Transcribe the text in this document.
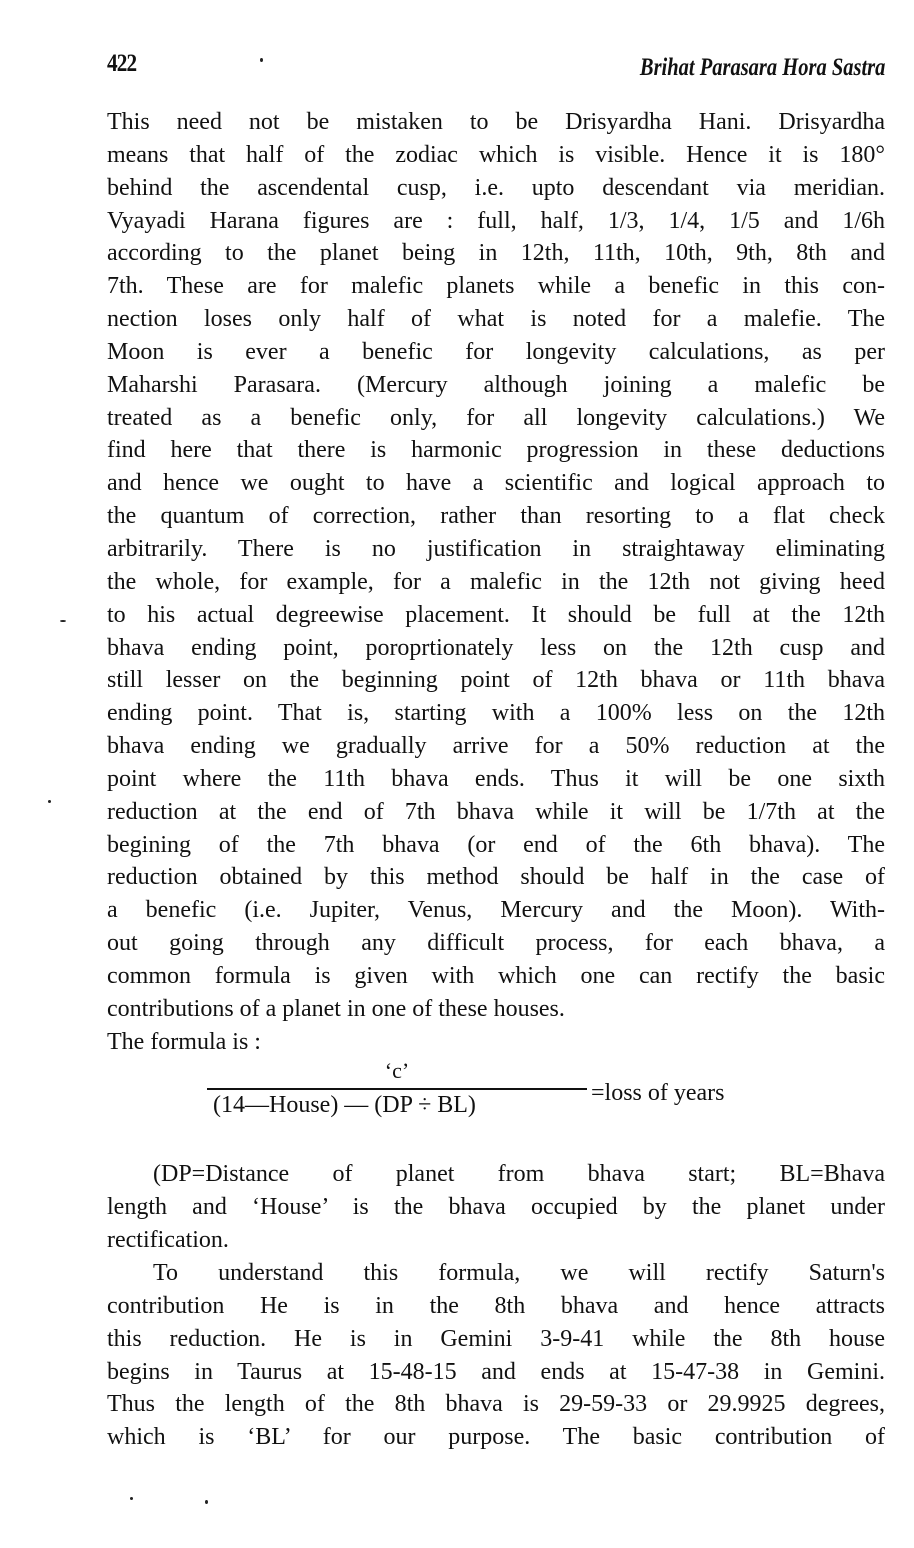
422	Brihat Parasara Hora Sastra
This need not be mistaken to be Drisyardha Hani. Drisyardha
means that half of the zodiac which is visible. Hence it is 180°
behind the ascendental cusp, i.e. upto descendant via meridian.
Vyayadi Harana figures are : full, half, 1/3, 1/4, 1/5 and 1/6h
according to the planet being in 12th, 11th, 10th, 9th, 8th and
7th. These are for malefic planets while a benefic in this con-
nection loses only half of what is noted for a malefie. The
Moon is ever a benefic for longevity calculations, as per
Maharshi Parasara. (Mercury although joining a malefic be
treated as a benefic only, for all longevity calculations.) We
find here that there is harmonic progression in these deductions
and hence we ought to have a scientific and logical approach to
the quantum of correction, rather than resorting to a flat check
arbitrarily. There is no justification in straightaway eliminating
the whole, for example, for a malefic in the 12th not giving heed
to his actual degreewise placement. It should be full at the 12th
bhava ending point, poroprtionately less on the 12th cusp and
still lesser on the beginning point of 12th bhava or 11th bhava
ending point. That is, starting with a 100% less on the 12th
bhava ending we gradually arrive for a 50% reduction at the
point where the 11th bhava ends. Thus it will be one sixth
reduction at the end of 7th bhava while it will be 1/7th at the
begining of the 7th bhava (or end of the 6th bhava). The
reduction obtained by this method should be half in the case of
a benefic (i.e. Jupiter, Venus, Mercury and the Moon). With-
out going through any difficult process, for each bhava, a
common formula is given with which one can rectify the basic
contributions of a planet in one of these houses.
The formula is :
‘c’
(14—House) — (DP ÷ BL)	=loss of years
(DP=Distance of planet from bhava start; BL=Bhava
length and ‘House’ is the bhava occupied by the planet under
rectification.
To understand this formula, we will rectify Saturn's
contribution He is in the 8th bhava and hence attracts
this reduction. He is in Gemini 3-9-41 while the 8th house
begins in Taurus at 15-48-15 and ends at 15-47-38 in Gemini.
Thus the length of the 8th bhava is 29-59-33 or 29.9925 degrees,
which is ‘BL’ for our purpose. The basic contribution of
